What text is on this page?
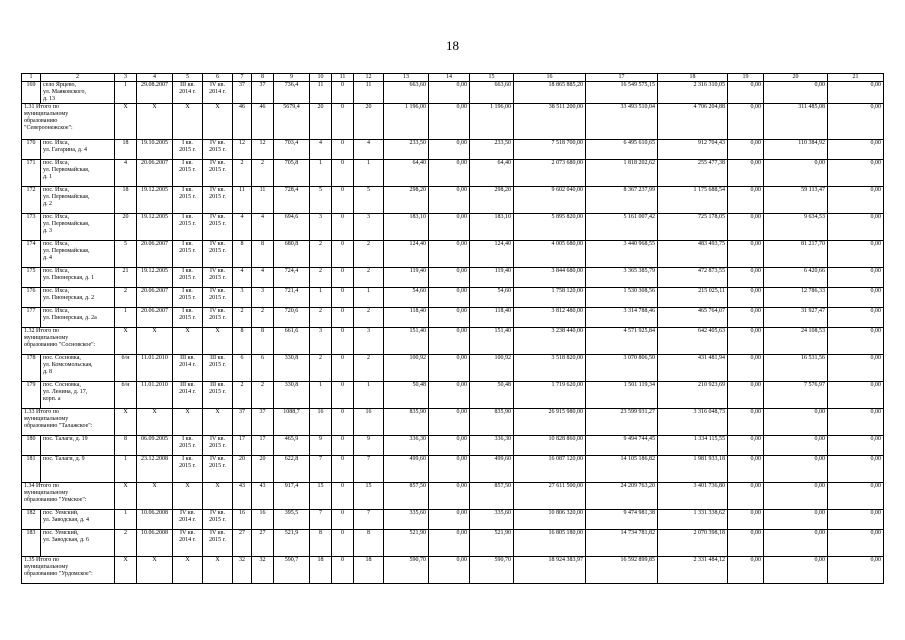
18
1	2	3	4	5	6	7	8	9	10	11	12	13	14	15	16	17	18	19	20	21
169	село Ярцево,
ул. Маяковского,
д. 13	1	29.08.2007	III кв.
2014 г.	IV кв.
2014 г.	37	37	736,4	11	0	11	663,60	0,00	663,60	18 865 885,20	16 549 575,15	2 316 310,05	0,00	0,00	0,00
1.31 Итого по
муниципальному
образованию
"Североонежское":		X	X	X	X	46	46	5679,4	20	0	20	1 196,00	0,00	1 196,00	38 511 200,00	33 493 510,04	4 706 204,88	0,00	311 485,08	0,00
170	пос. Ихса,
ул. Гагарина, д. 4	18	19.10.2005	I кв.
2015 г.	IV кв.
2015 г.	12	12	703,4	4	0	4	233,50	0,00	233,50	7 518 700,00	6 495 610,65	912 704,43	0,00	110 384,92	0,00
171	пос. Ихса,
ул. Первомайская,
д. 1	4	20.06.2007	I кв.
2015 г.	IV кв.
2015 г.	2	2	705,8	1	0	1	64,40	0,00	64,40	2 073 680,00	1 818 202,62	255 477,38	0,00	0,00	0,00
172	пос. Ихса,
ул. Первомайская,
д. 2	18	19.12.2005	I кв.
2015 г.	IV кв.
2015 г.	11	11	728,4	5	0	5	298,20	0,00	298,20	9 602 040,00	8 367 237,99	1 175 688,54	0,00	59 113,47	0,00
173	пос. Ихса,
ул. Первомайская,
д. 3	20	19.12.2005	I кв.
2015 г.	IV кв.
2015 г.	4	4	694,6	3	0	3	183,10	0,00	183,10	5 895 820,00	5 161 007,42	725 178,05	0,00	9 634,53	0,00
174	пос. Ихса,
ул. Первомайская,
д. 4	5	20.06.2007	I кв.
2015 г.	IV кв.
2015 г.	8	8	680,8	2	0	2	124,40	0,00	124,40	4 005 680,00	3 440 968,55	483 493,75	0,00	81 217,70	0,00
175	пос. Ихса,
ул. Пионерская, д. 1	21	19.12.2005	I кв.
2015 г.	IV кв.
2015 г.	4	4	724,4	2	0	2	119,40	0,00	119,40	3 844 680,00	3 365 385,79	472 873,55	0,00	6 420,66	0,00
176	пос. Ихса,
ул. Пионерская, д. 2	2	20.06.2007	I кв.
2015 г.	IV кв.
2015 г.	3	3	721,4	1	0	1	54,60	0,00	54,60	1 758 120,00	1 530 308,56	215 025,11	0,00	12 786,33	0,00
177	пос. Ихса,
ул. Пионерская, д. 2а	1	20.06.2007	I кв.
2015 г.	IV кв.
2015 г.	2	2	720,6	2	0	2	118,40	0,00	118,40	3 812 480,00	3 314 788,46	465 764,07	0,00	31 927,47	0,00
1.32 Итого по
муниципальному
образованию "Сосновское":		X	X	X	X	8	8	661,6	3	0	3	151,40	0,00	151,40	3 238 440,00	4 571 925,84	642 405,63	0,00	24 108,53	0,00
178	пос. Сосновка,
ул. Комсомольская,
д. 8	б/н	11.01.2010	III кв.
2014 г.	III кв.
2015 г.	6	6	330,8	2	0	2	100,92	0,00	100,92	3 518 820,00	3 070 806,50	431 481,94	0,00	16 531,56	0,00
179	пос. Сосновка,
ул. Ленина, д. 17,
корп. а	б/н	11.01.2010	III кв.
2014 г.	III кв.
2015 г.	2	2	330,8	1	0	1	50,48	0,00	50,48	1 719 620,00	1 501 119,34	210 923,69	0,00	7 576,97	0,00
1.33 Итого по
муниципальному
образованию "Талажское":		X	X	X	X	37	37	1088,7	16	0	16	835,90	0,00	835,90	26 915 980,00	23 599 931,27	3 316 048,73	0,00	0,00	0,00
180	пос. Талаги, д. 19	8	06.09.2005	I кв.
2015 г.	IV кв.
2015 г.	17	17	465,9	9	0	9	336,30	0,00	336,30	10 828 860,00	9 494 744,45	1 334 115,55	0,00	0,00	0,00
181	пос. Талаги, д. 9	1	23.12.2008	I кв.
2015 г.	IV кв.
2015 г.	20	20	622,8	7	0	7	499,60	0,00	499,60	16 087 120,00	14 105 186,82	1 981 933,18	0,00	0,00	0,00
1.34 Итого по
муниципальному
образованию "Уемское":		X	X	X	X	43	43	917,4	15	0	15	857,50	0,00	857,50	27 611 500,00	24 209 763,20	3 401 736,80	0,00	0,00	0,00
182	пос. Уемский,
ул. Заводская, д. 4	1	10.06.2008	IV кв.
2014 г.	IV кв.
2015 г.	16	16	395,5	7	0	7	335,60	0,00	335,60	10 806 320,00	9 474 981,38	1 331 338,62	0,00	0,00	0,00
183	пос. Уемский,
ул. Заводская, д. 6	2	10.06.2008	IV кв.
2014 г.	IV кв.
2015 г.	27	27	521,9	8	0	8	521,90	0,00	521,90	16 805 180,00	14 734 781,82	2 070 398,18	0,00	0,00	0,00
1.35 Итого по
муниципальному
образованию "Урдомское":		X	X	X	X	32	32	590,7	18	0	18	590,70	0,00	590,70	18 924 383,97	16 592 899,85	2 331 484,12	0,00	0,00	0,00
